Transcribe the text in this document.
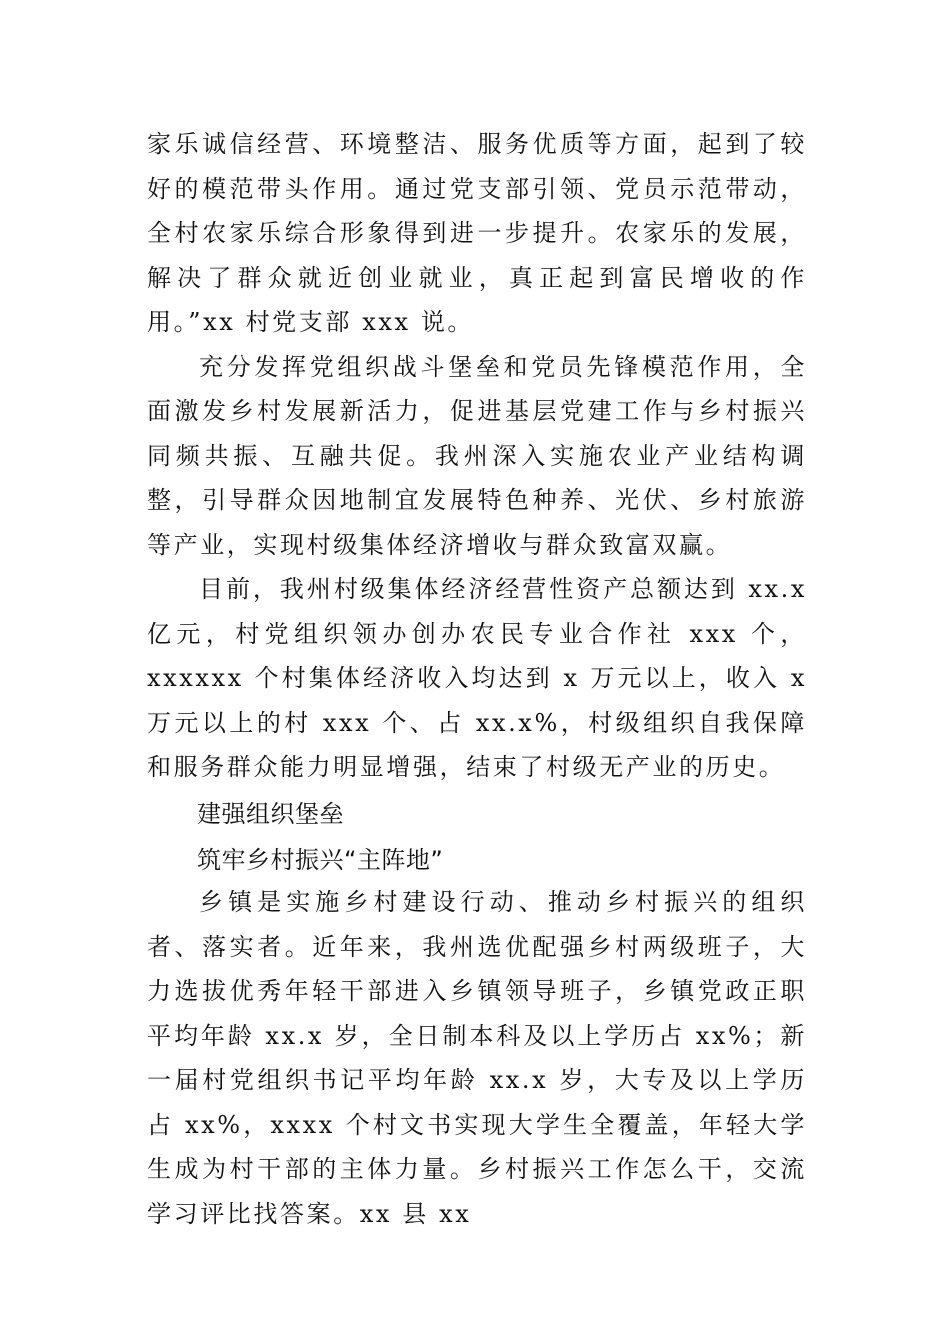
家乐诚信经营、环境整洁、服务优质等方面，起到了较好的模范带头作用。通过党支部引领、党员示范带动，全村农家乐综合形象得到进一步提升。农家乐的发展，解决了群众就近创业就业，真正起到富民增收的作用。”xx 村党支部 xxx 说。

充分发挥党组织战斗堡垒和党员先锋模范作用，全面激发乡村发展新活力，促进基层党建工作与乡村振兴同频共振、互融共促。我州深入实施农业产业结构调整，引导群众因地制宜发展特色种养、光伏、乡村旅游等产业，实现村级集体经济增收与群众致富双赢。

目前，我州村级集体经济经营性资产总额达到 xx.x 亿元，村党组织领办创办农民专业合作社 xxx 个，xxxxxx 个村集体经济收入均达到 x 万元以上，收入 x 万元以上的村 xxx 个、占 xx.x%，村级组织自我保障和服务群众能力明显增强，结束了村级无产业的历史。

建强组织堡垒
筑牢乡村振兴“主阵地”

乡镇是实施乡村建设行动、推动乡村振兴的组织者、落实者。近年来，我州选优配强乡村两级班子，大力选拔优秀年轻干部进入乡镇领导班子，乡镇党政正职平均年龄 xx.x 岁，全日制本科及以上学历占 xx%；新一届村党组织书记平均年龄 xx.x 岁，大专及以上学历占 xx%，xxxx 个村文书实现大学生全覆盖，年轻大学生成为村干部的主体力量。乡村振兴工作怎么干，交流学习评比找答案。xx 县 xx
